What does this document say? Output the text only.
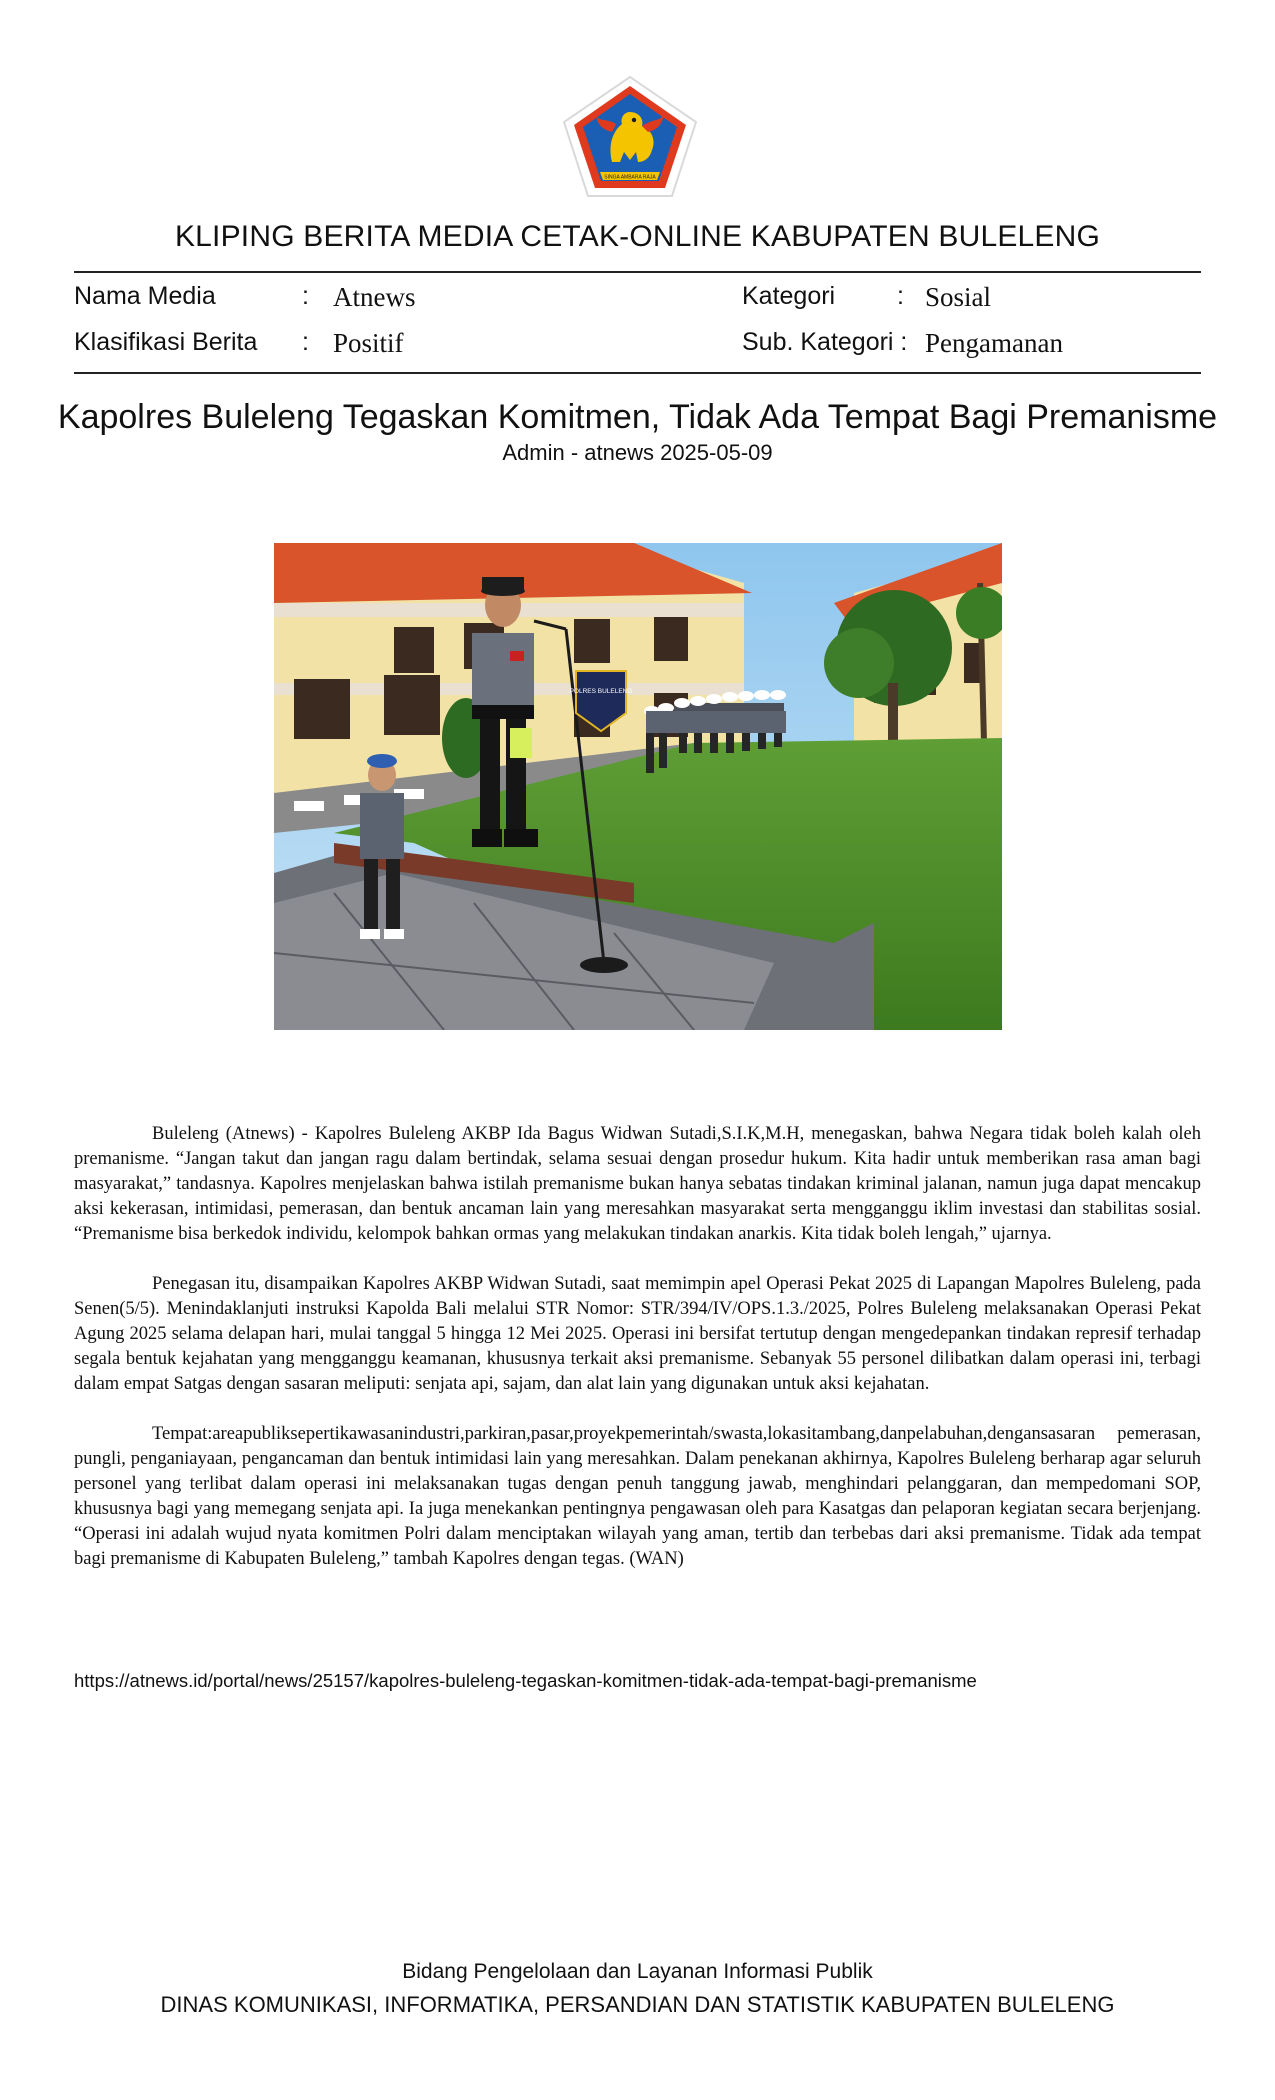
SINGA AMBARA RAJA
KLIPING BERITA MEDIA CETAK-ONLINE KABUPATEN BULELENG
Nama Media	: Atnews
Klasifikasi Berita : Positif
Kategori : Sosial
Sub. Kategori : Pengamanan
Kapolres Buleleng Tegaskan Komitmen, Tidak Ada Tempat Bagi Premanisme
Admin - atnews 2025-05-09
POLRES BULELENG

Buleleng (Atnews) - Kapolres Buleleng AKBP Ida Bagus Widwan Sutadi,S.I.K,M.H, menegaskan, bahwa Negara tidak boleh kalah oleh premanisme. “Jangan takut dan jangan ragu dalam bertindak, selama sesuai dengan prosedur hukum. Kita hadir untuk memberikan rasa aman bagi masyarakat,” tandasnya. Kapolres menjelaskan bahwa istilah premanisme bukan hanya sebatas tindakan kriminal jalanan, namun juga dapat mencakup aksi kekerasan, intimidasi, pemerasan, dan bentuk ancaman lain yang meresahkan masyarakat serta mengganggu iklim investasi dan stabilitas sosial. “Premanisme bisa berkedok individu, kelompok bahkan ormas yang melakukan tindakan anarkis. Kita tidak boleh lengah,” ujarnya.

Penegasan itu, disampaikan Kapolres AKBP Widwan Sutadi, saat memimpin apel Operasi Pekat 2025 di Lapangan Mapolres Buleleng, pada Senen(5/5). Menindaklanjuti instruksi Kapolda Bali melalui STR Nomor: STR/394/IV/OPS.1.3./2025, Polres Buleleng melaksanakan Operasi Pekat Agung 2025 selama delapan hari, mulai tanggal 5 hingga 12 Mei 2025. Operasi ini bersifat tertutup dengan mengedepankan tindakan represif terhadap segala bentuk kejahatan yang mengganggu keamanan, khususnya terkait aksi premanisme. Sebanyak 55 personel dilibatkan dalam operasi ini, terbagi dalam empat Satgas dengan sasaran meliputi: senjata api, sajam, dan alat lain yang digunakan untuk aksi kejahatan.

Tempat:areapubliksepertikawasanindustri,parkiran,pasar,proyekpemerintah/swasta,lokasitambang,danpelabuhan,dengansasaran pemerasan, pungli, penganiayaan, pengancaman dan bentuk intimidasi lain yang meresahkan. Dalam penekanan akhirnya, Kapolres Buleleng berharap agar seluruh personel yang terlibat dalam operasi ini melaksanakan tugas dengan penuh tanggung jawab, menghindari pelanggaran, dan mempedomani SOP, khususnya bagi yang memegang senjata api. Ia juga menekankan pentingnya pengawasan oleh para Kasatgas dan pelaporan kegiatan secara berjenjang. “Operasi ini adalah wujud nyata komitmen Polri dalam menciptakan wilayah yang aman, tertib dan terbebas dari aksi premanisme. Tidak ada tempat bagi premanisme di Kabupaten Buleleng,” tambah Kapolres dengan tegas. (WAN)

https://atnews.id/portal/news/25157/kapolres-buleleng-tegaskan-komitmen-tidak-ada-tempat-bagi-premanisme
Bidang Pengelolaan dan Layanan Informasi Publik
DINAS KOMUNIKASI, INFORMATIKA, PERSANDIAN DAN STATISTIK KABUPATEN BULELENG
